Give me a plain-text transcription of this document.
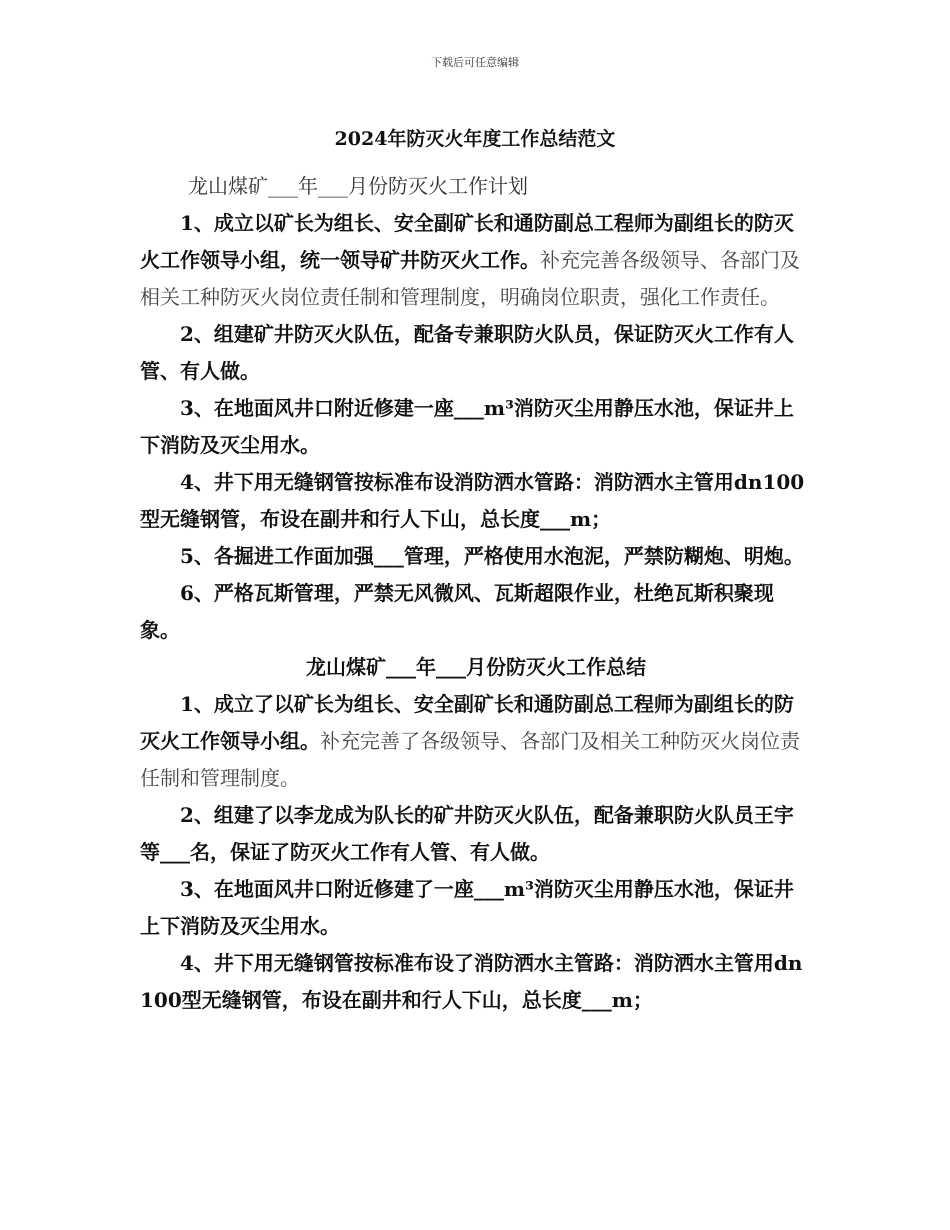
下载后可任意编辑
2024年防灭火年度工作总结范文

龙山煤矿___年___月份防灭火工作计划

1、成立以矿长为组长、安全副矿长和通防副总工程师为副组长的防灭火工作领导小组，统一领导矿井防灭火工作。补充完善各级领导、各部门及相关工种防灭火岗位责任制和管理制度，明确岗位职责，强化工作责任。

2、组建矿井防灭火队伍，配备专兼职防火队员，保证防灭火工作有人管、有人做。

3、在地面风井口附近修建一座___m³消防灭尘用静压水池，保证井上下消防及灭尘用水。

4、井下用无缝钢管按标准布设消防洒水管路：消防洒水主管用dn100型无缝钢管，布设在副井和行人下山，总长度___m；

5、各掘进工作面加强___管理，严格使用水泡泥，严禁防糊炮、明炮。

6、严格瓦斯管理，严禁无风微风、瓦斯超限作业，杜绝瓦斯积聚现象。

龙山煤矿___年___月份防灭火工作总结

1、成立了以矿长为组长、安全副矿长和通防副总工程师为副组长的防灭火工作领导小组。补充完善了各级领导、各部门及相关工种防灭火岗位责任制和管理制度。

2、组建了以李龙成为队长的矿井防灭火队伍，配备兼职防火队员王宇等___名，保证了防灭火工作有人管、有人做。

3、在地面风井口附近修建了一座___m³消防灭尘用静压水池，保证井上下消防及灭尘用水。

4、井下用无缝钢管按标准布设了消防洒水主管路：消防洒水主管用dn100型无缝钢管，布设在副井和行人下山，总长度___m；
